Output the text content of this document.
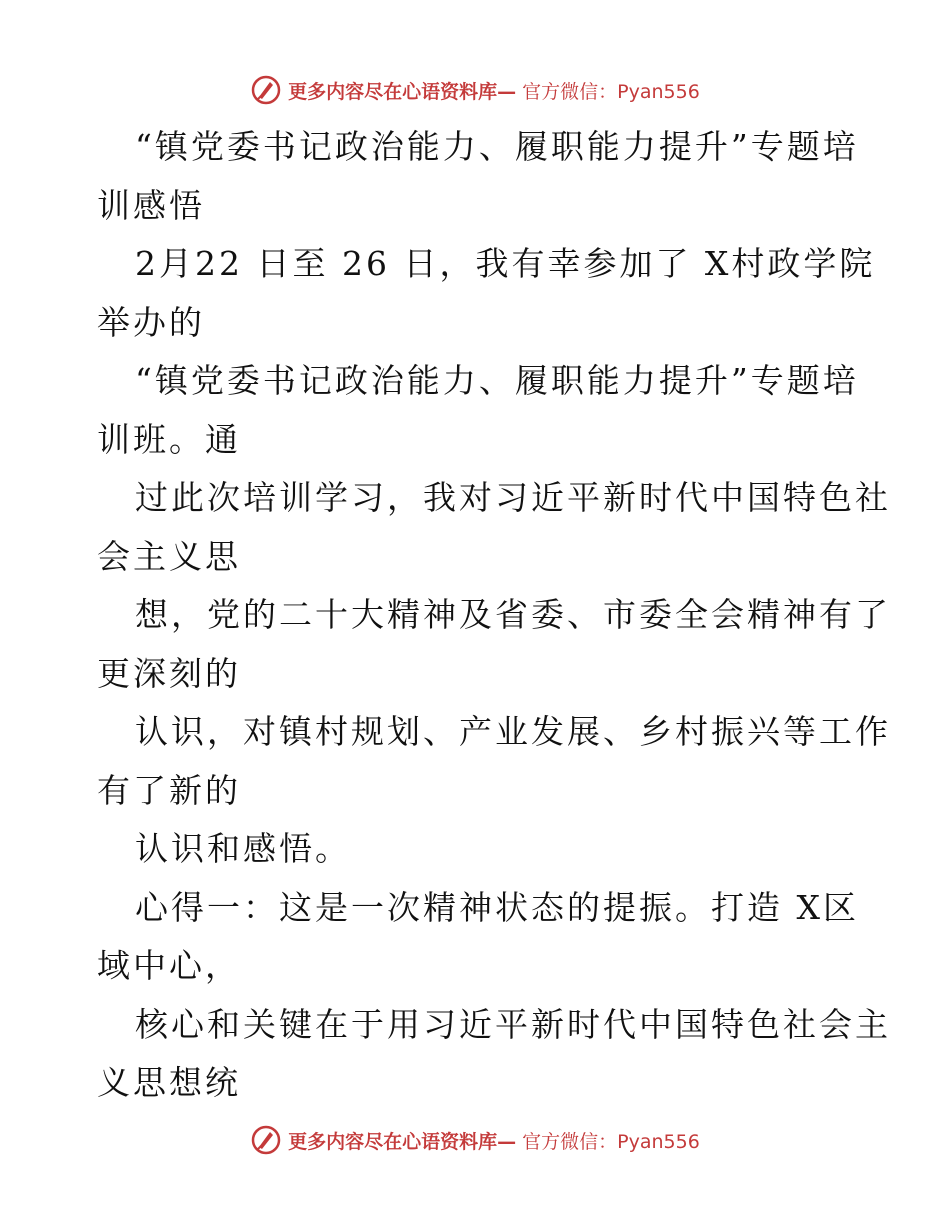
更多内容尽在心语资料库— 官方微信：Pyan556
“镇党委书记政治能力、履职能力提升”专题培
训感悟
2月22 日至 26 日，我有幸参加了 X村政学院
举办的
“镇党委书记政治能力、履职能力提升”专题培
训班。通
过此次培训学习，我对习近平新时代中国特色社
会主义思
想，党的二十大精神及省委、市委全会精神有了
更深刻的
认识，对镇村规划、产业发展、乡村振兴等工作
有了新的
认识和感悟。
心得一：这是一次精神状态的提振。打造 X区
域中心，
核心和关键在于用习近平新时代中国特色社会主
义思想统
更多内容尽在心语资料库— 官方微信：Pyan556
